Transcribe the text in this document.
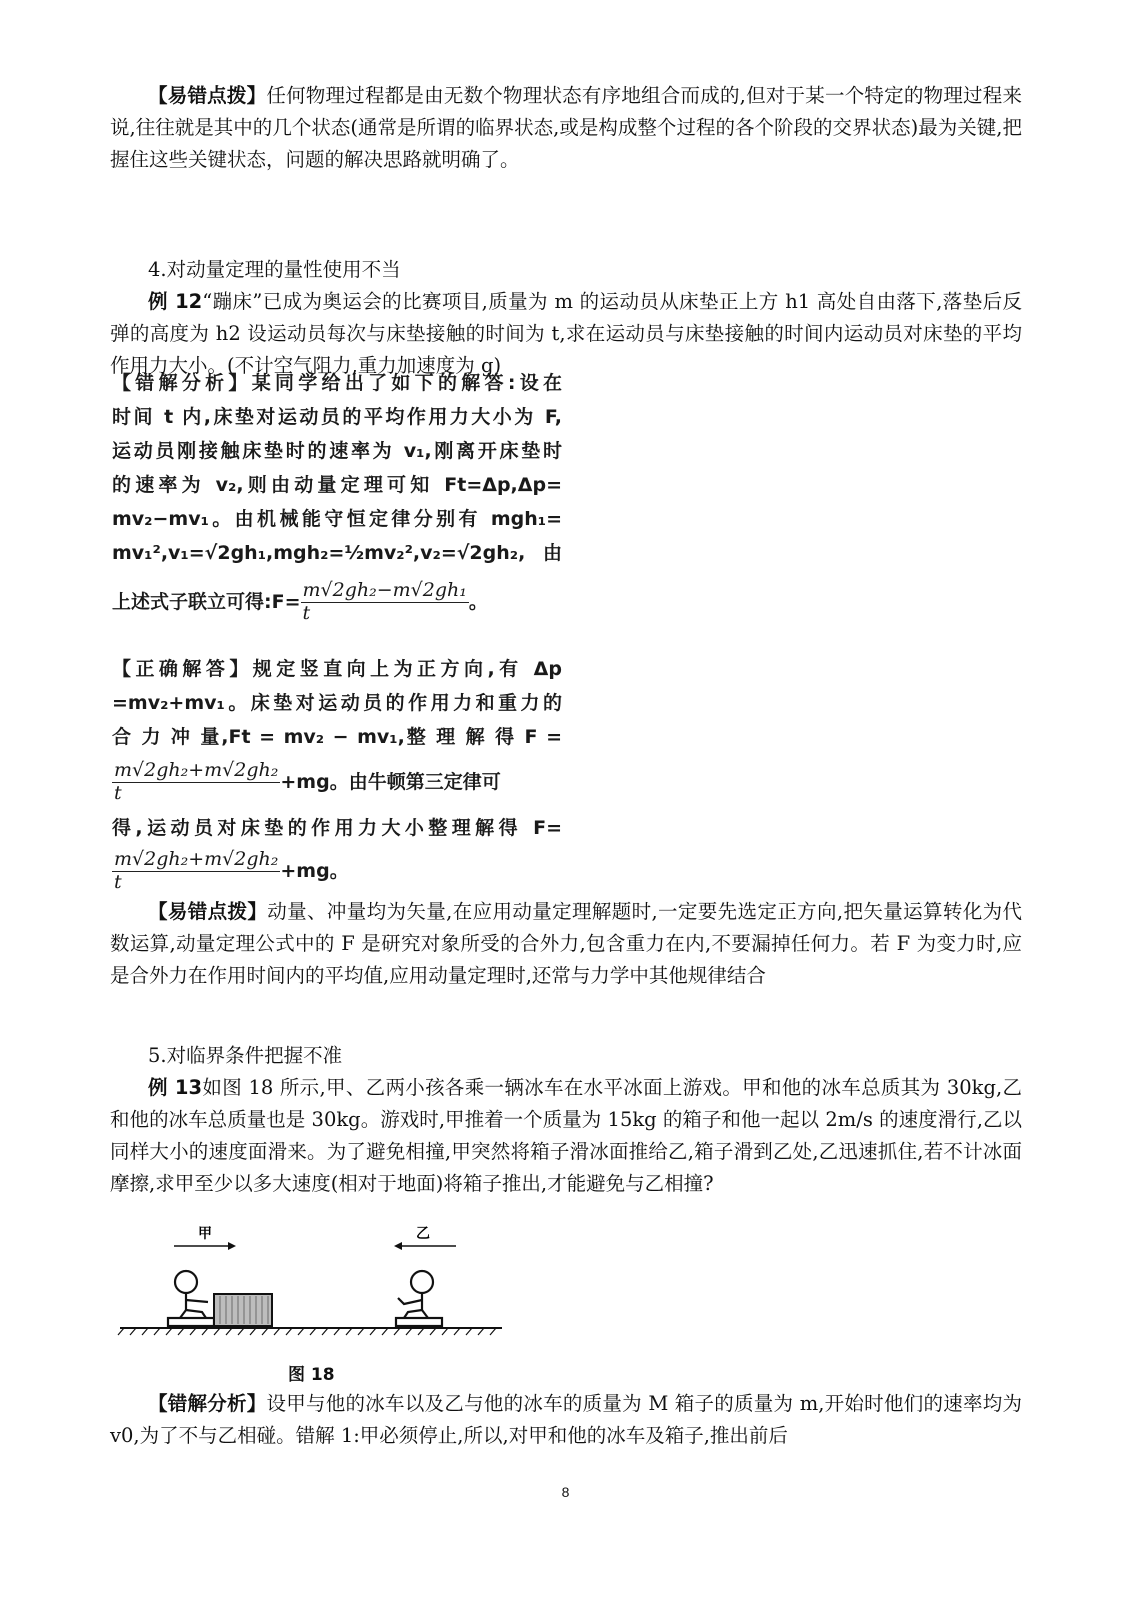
【易错点拨】任何物理过程都是由无数个物理状态有序地组合而成的,但对于某一个特定的物理过程来说,往往就是其中的几个状态(通常是所谓的临界状态,或是构成整个过程的各个阶段的交界状态)最为关键,把握住这些关键状态，问题的解决思路就明确了。

4.对动量定理的量性使用不当

例 12“蹦床”已成为奥运会的比赛项目,质量为 m 的运动员从床垫正上方 h1 高处自由落下,落垫后反弹的高度为 h2 设运动员每次与床垫接触的时间为 t,求在运动员与床垫接触的时间内运动员对床垫的平均作用力大小。(不计空气阻力,重力加速度为 g)

【错解分析】某同学给出了如下的解答:设在
时间 t 内,床垫对运动员的平均作用力大小为 F,
运动员刚接触床垫时的速率为 v₁,刚离开床垫时
的速率为 v₂,则由动量定理可知 Ft=Δp,Δp=
mv₂−mv₁。由机械能守恒定律分别有 mgh₁=
mv₁²,v₁=√2gh₁,mgh₂=½mv₂²,v₂=√2gh₂,由
上述式子联立可得:F= $\frac{\text{m√2gh₂−m√2gh₁}}{t}$ 。
【正确解答】规定竖直向上为正方向,有 Δp
=mv₂+mv₁。床垫对运动员的作用力和重力的
合 力 冲 量,Ft = mv₂ − mv₁,整 理 解 得 F =
$\frac{\text{m√2gh₂+m√2gh₂}}{t} +mg$。由牛顿第三定律可
得,运动员对床垫的作用力大小整理解得 F=
$\frac{\text{m√2gh₂+m√2gh₂}}{t} +mg$。

【易错点拨】动量、冲量均为矢量,在应用动量定理解题时,一定要先选定正方向,把矢量运算转化为代数运算,动量定理公式中的 F 是研究对象所受的合外力,包含重力在内,不要漏掉任何力。若 F 为变力时,应是合外力在作用时间内的平均值,应用动量定理时,还常与力学中其他规律结合

5.对临界条件把握不准

例 13如图 18 所示,甲、乙两小孩各乘一辆冰车在水平冰面上游戏。甲和他的冰车总质其为 30kg,乙和他的冰车总质量也是 30kg。游戏时,甲推着一个质量为 15kg 的箱子和他一起以 2m/s 的速度滑行,乙以同样大小的速度面滑来。为了避免相撞,甲突然将箱子滑冰面推给乙,箱子滑到乙处,乙迅速抓住,若不计冰面摩擦,求甲至少以多大速度(相对于地面)将箱子推出,才能避免与乙相撞?

甲	乙
图 18

【错解分析】设甲与他的冰车以及乙与他的冰车的质量为 M 箱子的质量为 m,开始时他们的速率均为 v0,为了不与乙相碰。错解 1:甲必须停止,所以,对甲和他的冰车及箱子,推出前后

8
